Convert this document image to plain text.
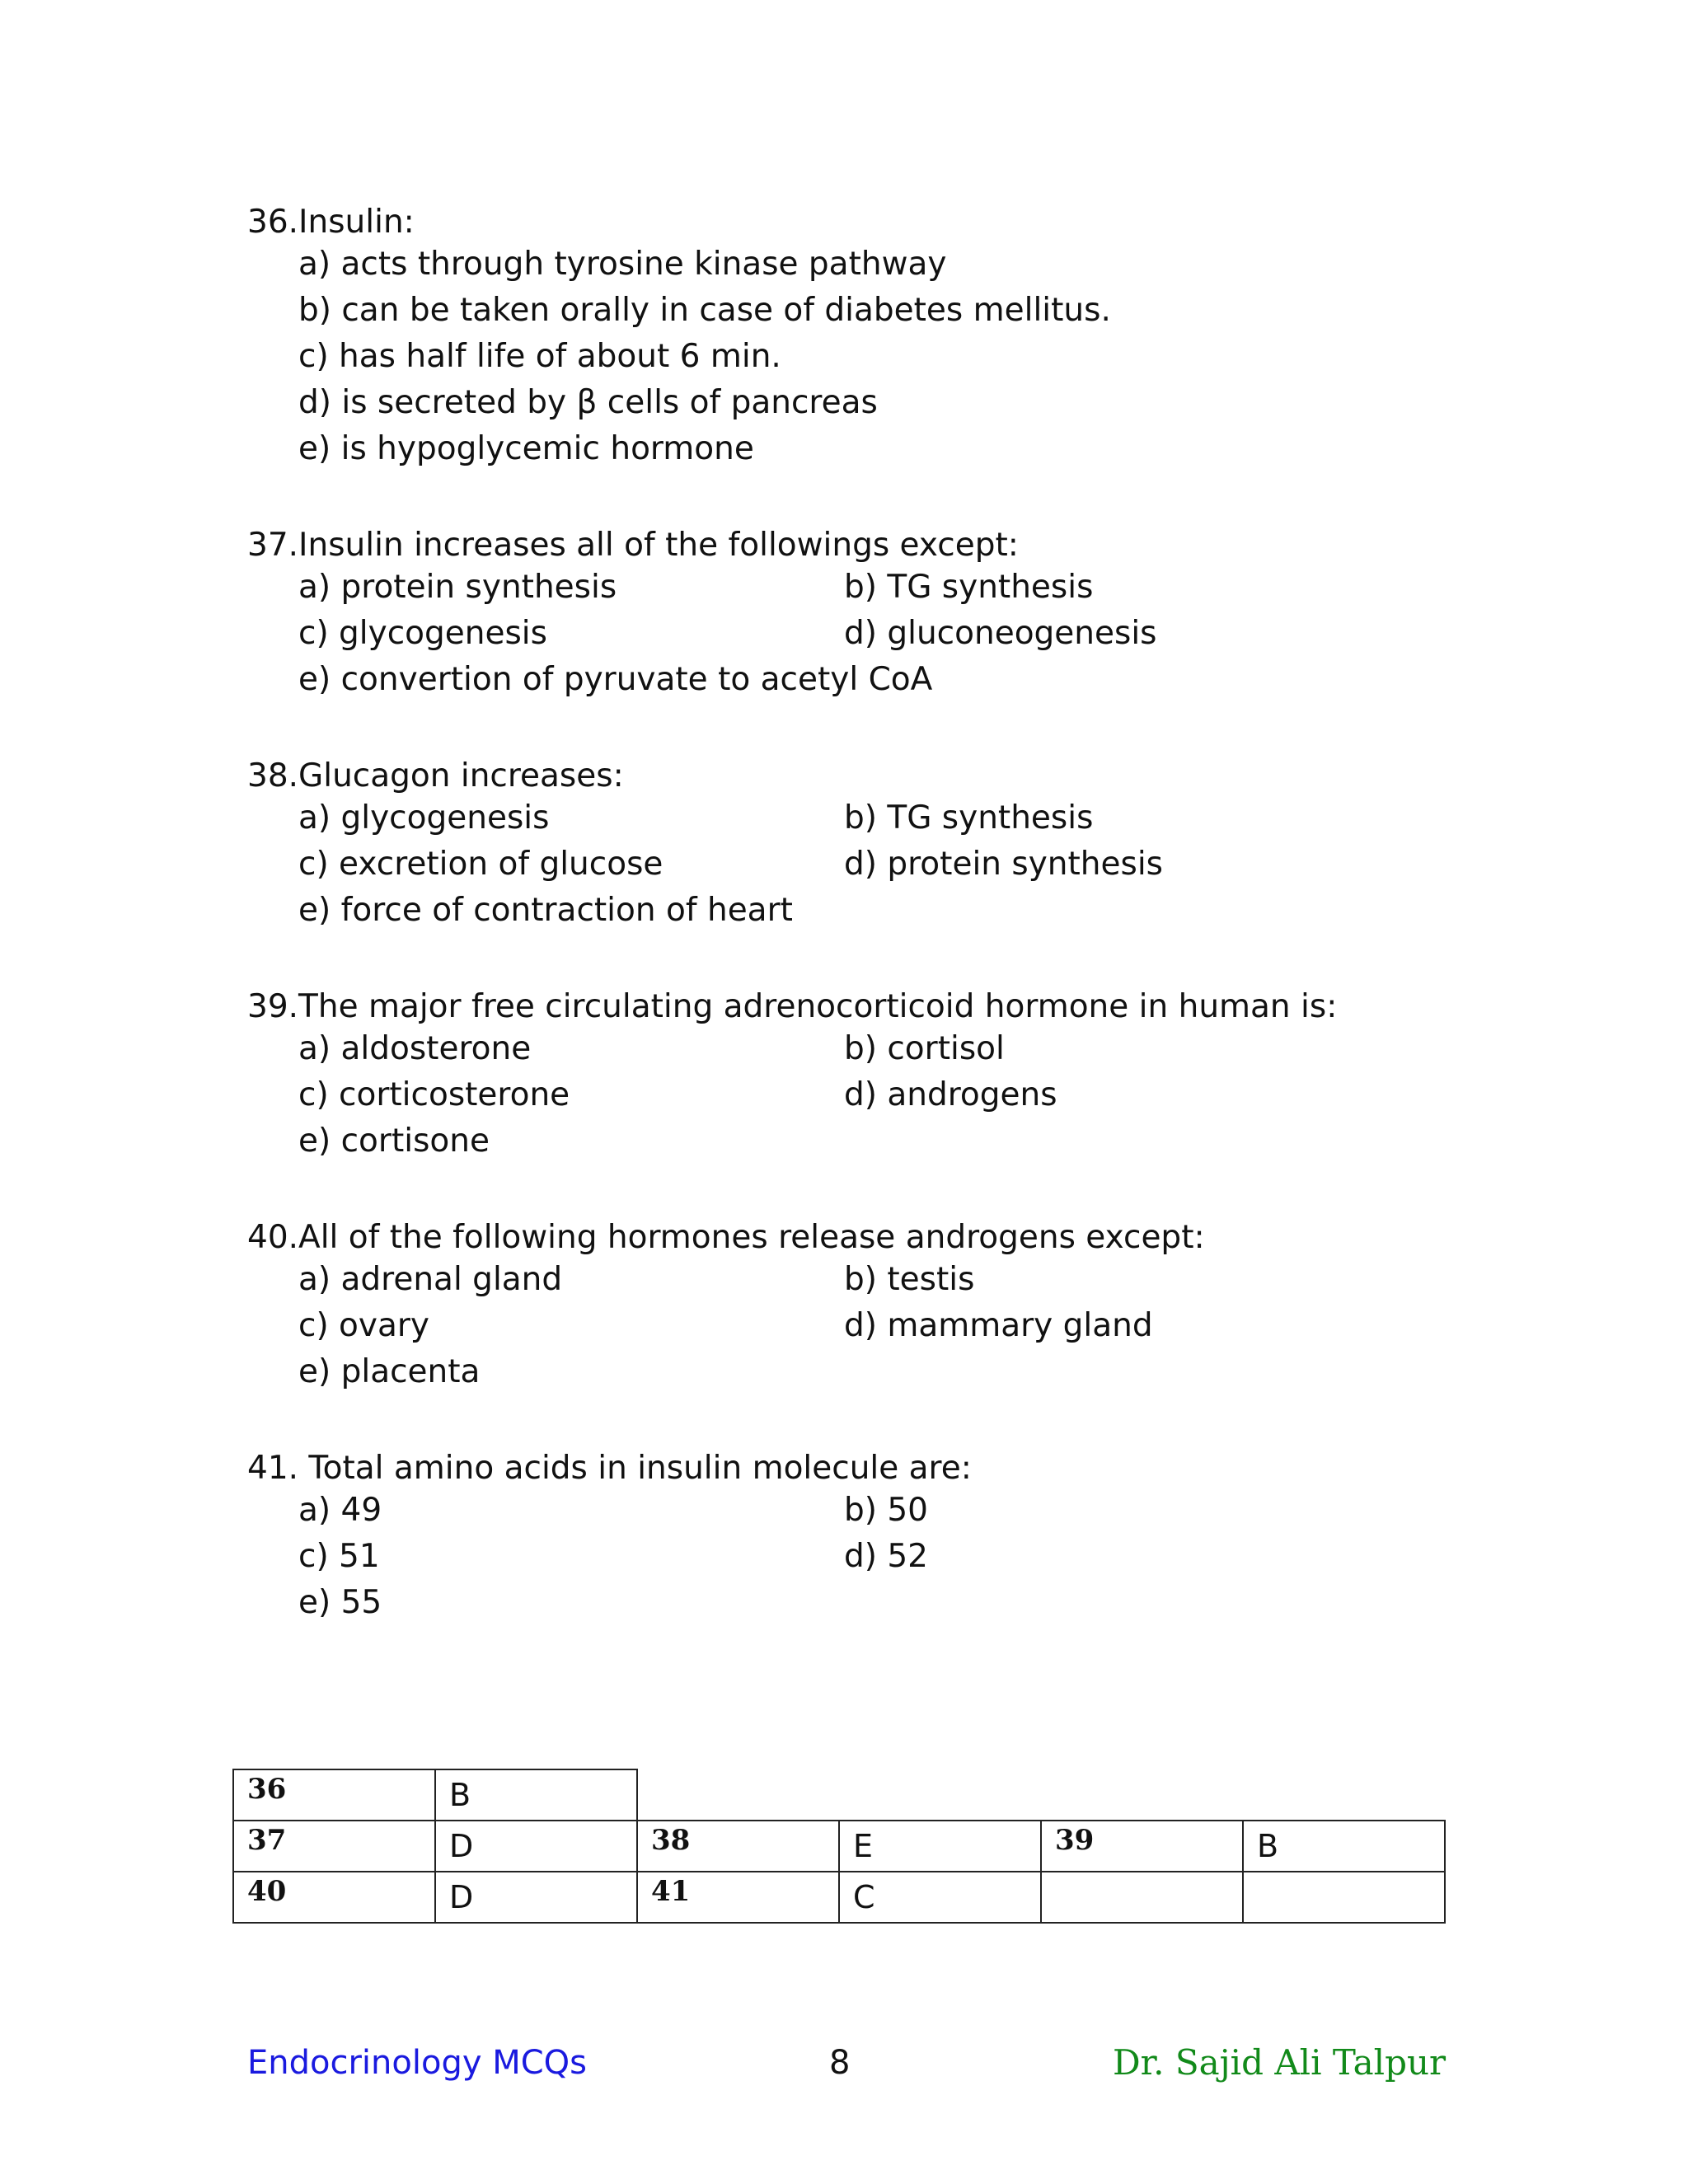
36.Insulin:
a) acts through tyrosine kinase pathway
b) can be taken orally in case of diabetes mellitus.
c) has half life of about 6 min.
d) is secreted by β cells of pancreas
e) is hypoglycemic hormone
37.Insulin increases all of the followings except:
a) protein synthesis	b) TG synthesis
c) glycogenesis	d) gluconeogenesis
e) convertion of pyruvate to acetyl CoA
38.Glucagon increases:
a) glycogenesis	b) TG synthesis
c) excretion of glucose	d) protein synthesis
e) force of contraction of heart
39.The major free circulating adrenocorticoid hormone in human is:
a) aldosterone	b) cortisol
c) corticosterone	d) androgens
e) cortisone
40.All of the following hormones release androgens except:
a) adrenal gland	b) testis
c) ovary	d) mammary gland
e) placenta
41. Total amino acids in insulin molecule are:
a) 49	b) 50
c) 51	d) 52
e) 55
36	B				
37	D	38	E	39	B
40	D	41	C		
Endocrinology MCQs	8	Dr. Sajid Ali Talpur
